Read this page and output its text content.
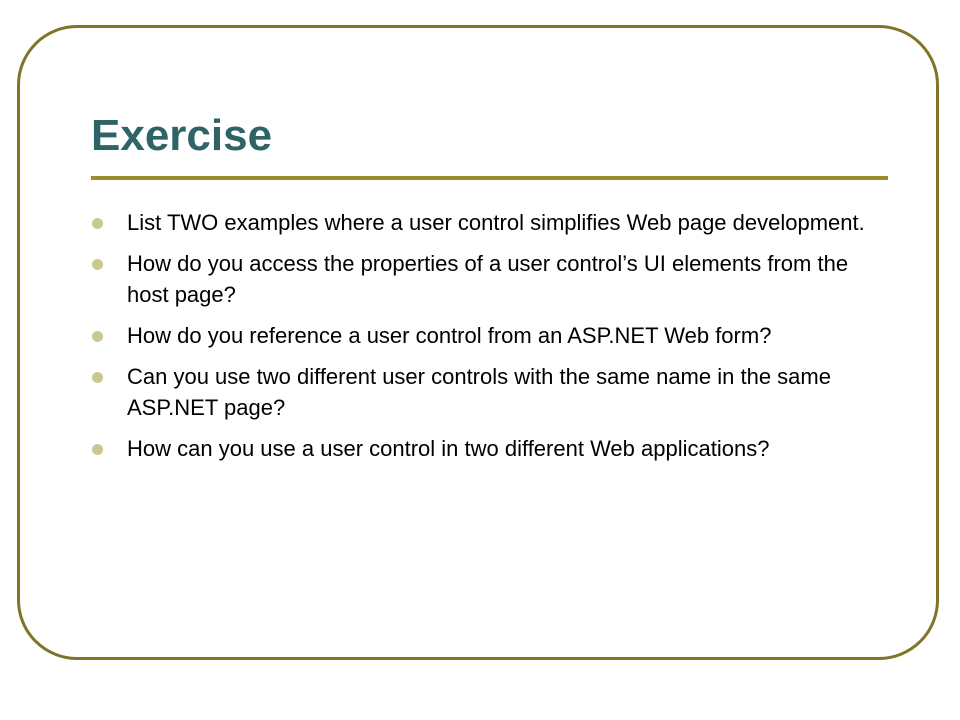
Exercise
List TWO examples where a user control simplifies Web page development.
How do you access the properties of a user control’s UI elements from the host page?
How do you reference a user control from an ASP.NET Web form?
Can you use two different user controls with the same name in the same ASP.NET page?
How can you use a user control in two different Web applications?
